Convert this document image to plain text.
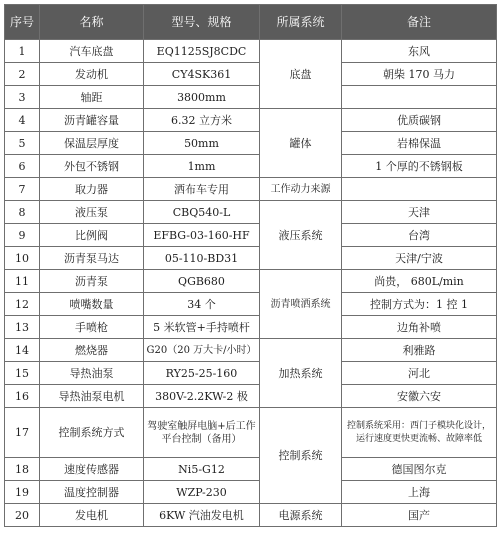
序号	名称	型号、规格	所属系统	备注
1	汽车底盘	EQ1125SJ8CDC	底盘	东风
2	发动机	CY4SK361		朝柴 170 马力
3	轴距	3800mm		
4	沥青罐容量	6.32 立方米	罐体	优质碳钢
5	保温层厚度	50mm		岩棉保温
6	外包不锈钢	1mm		1 个厚的不锈钢板
7	取力器	洒布车专用	工作动力来源	
8	液压泵	CBQ540-L	液压系统	天津
9	比例阀	EFBG-03-160-HF		台湾
10	沥青泵马达	05-110-BD31		天津/宁波
11	沥青泵	QGB680	沥青喷洒系统	尚贵， 680L/min
12	喷嘴数量	34 个		控制方式为：1 控 1
13	手喷枪	5 米软管+手持喷杆		边角补喷
14	燃烧器	G20（20 万大卡/小时）	加热系统	利雅路
15	导热油泵	RY25-25-160		河北
16	导热油泵电机	380V-2.2KW-2 极		安徽六安
17	控制系统方式	驾驶室触屏电脑+后工作平台控制（备用）	控制系统	控制系统采用：西门子模块化设计，运行速度更快更流畅、故障率低
18	速度传感器	Ni5-G12		德国图尔克
19	温度控制器	WZP-230		上海
20	发电机	6KW 汽油发电机	电源系统	国产
